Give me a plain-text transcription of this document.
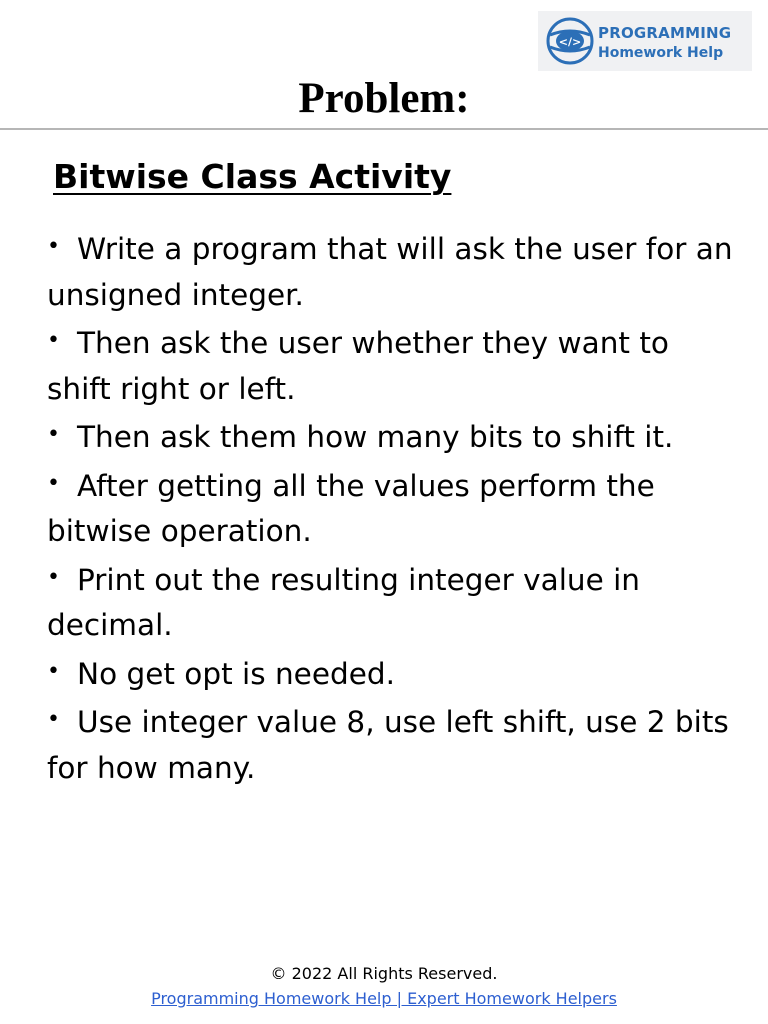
</> PROGRAMMING
Homework Help
Problem:
Bitwise Class Activity
• Write a program that will ask the user for an unsigned integer.
• Then ask the user whether they want to shift right or left.
• Then ask them how many bits to shift it.
• After getting all the values perform the bitwise operation.
• Print out the resulting integer value in decimal.
• No get opt is needed.
• Use integer value 8, use left shift, use 2 bits for how many.
© 2022 All Rights Reserved.
Programming Homework Help | Expert Homework Helpers
